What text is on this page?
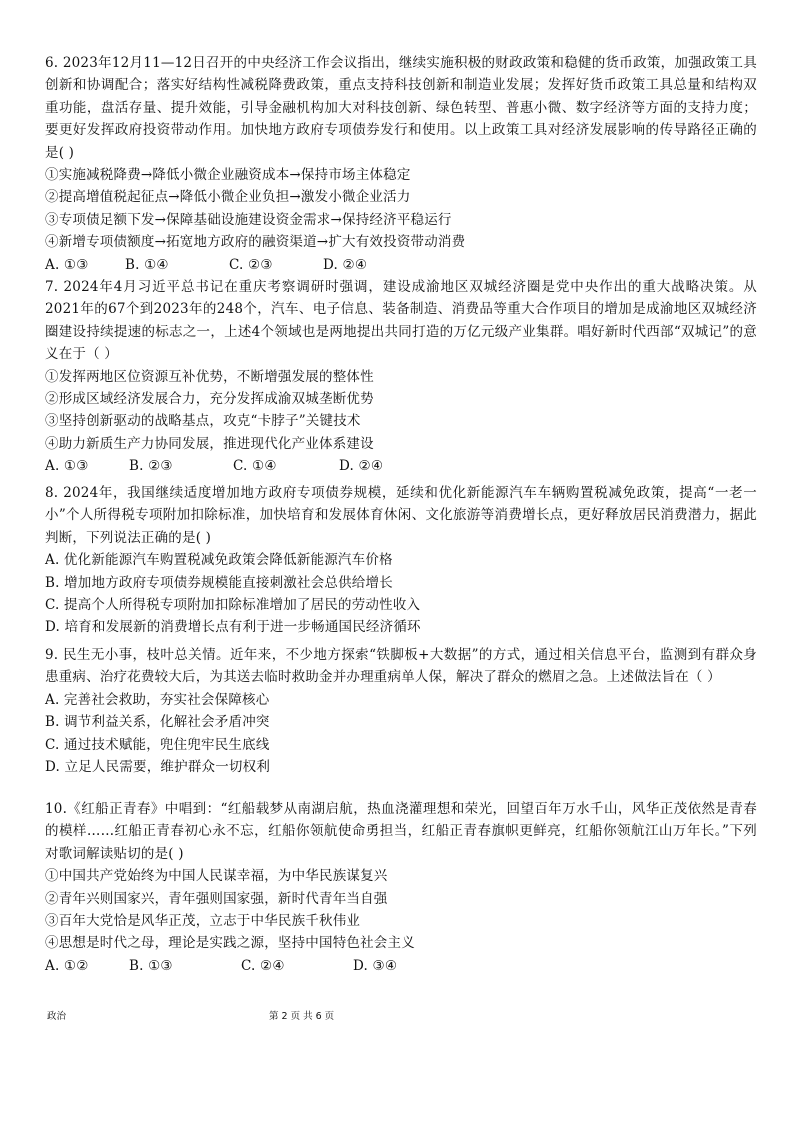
6. 2023年12月11—12日召开的中央经济工作会议指出，继续实施积极的财政政策和稳健的货币政策，加强政策工具创新和协调配合；落实好结构性减税降费政策，重点支持科技创新和制造业发展；发挥好货币政策工具总量和结构双重功能，盘活存量、提升效能，引导金融机构加大对科技创新、绿色转型、普惠小微、数字经济等方面的支持力度；要更好发挥政府投资带动作用。加快地方政府专项债券发行和使用。以上政策工具对经济发展影响的传导路径正确的是( )

①实施减税降费→降低小微企业融资成本→保持市场主体稳定

②提高增值税起征点→降低小微企业负担→激发小微企业活力

③专项债足额下发→保障基础设施建设资金需求→保持经济平稳运行

④新增专项债额度→拓宽地方政府的融资渠道→扩大有效投资带动消费

A. ①③	B. ①④	C. ②③	D. ②④

7. 2024年4月习近平总书记在重庆考察调研时强调，建设成渝地区双城经济圈是党中央作出的重大战略决策。从2021年的67个到2023年的248个，汽车、电子信息、装备制造、消费品等重大合作项目的增加是成渝地区双城经济圈建设持续提速的标志之一，上述4个领域也是两地提出共同打造的万亿元级产业集群。唱好新时代西部“双城记”的意义在于（ ）

①发挥两地区位资源互补优势，不断增强发展的整体性

②形成区域经济发展合力，充分发挥成渝双城垄断优势

③坚持创新驱动的战略基点，攻克“卡脖子”关键技术

④助力新质生产力协同发展，推进现代化产业体系建设

A. ①③	B. ②③	C. ①④	D. ②④

8. 2024年，我国继续适度增加地方政府专项债券规模，延续和优化新能源汽车车辆购置税减免政策，提高“一老一小”个人所得税专项附加扣除标准，加快培育和发展体育休闲、文化旅游等消费增长点，更好释放居民消费潜力，据此判断，下列说法正确的是( )

A. 优化新能源汽车购置税减免政策会降低新能源汽车价格

B. 增加地方政府专项债券规模能直接刺激社会总供给增长

C. 提高个人所得税专项附加扣除标准增加了居民的劳动性收入

D. 培育和发展新的消费增长点有利于进一步畅通国民经济循环

9. 民生无小事，枝叶总关情。近年来，不少地方探索“铁脚板+大数据”的方式，通过相关信息平台，监测到有群众身患重病、治疗花费较大后，为其送去临时救助金并办理重病单人保，解决了群众的燃眉之急。上述做法旨在（ ）

A. 完善社会救助，夯实社会保障核心

B. 调节利益关系，化解社会矛盾冲突

C. 通过技术赋能，兜住兜牢民生底线

D. 立足人民需要，维护群众一切权利

10.《红船正青春》中唱到：“红船载梦从南湖启航，热血浇灌理想和荣光，回望百年万水千山，风华正茂依然是青春的模样……红船正青春初心永不忘，红船你领航使命勇担当，红船正青春旗帜更鲜亮，红船你领航江山万年长。”下列对歌词解读贴切的是( )

①中国共产党始终为中国人民谋幸福，为中华民族谋复兴

②青年兴则国家兴，青年强则国家强，新时代青年当自强

③百年大党恰是风华正茂，立志于中华民族千秋伟业

④思想是时代之母，理论是实践之源，坚持中国特色社会主义

A. ①②	B. ①③	C. ②④	D. ③④

政治	第 2 页 共 6 页
